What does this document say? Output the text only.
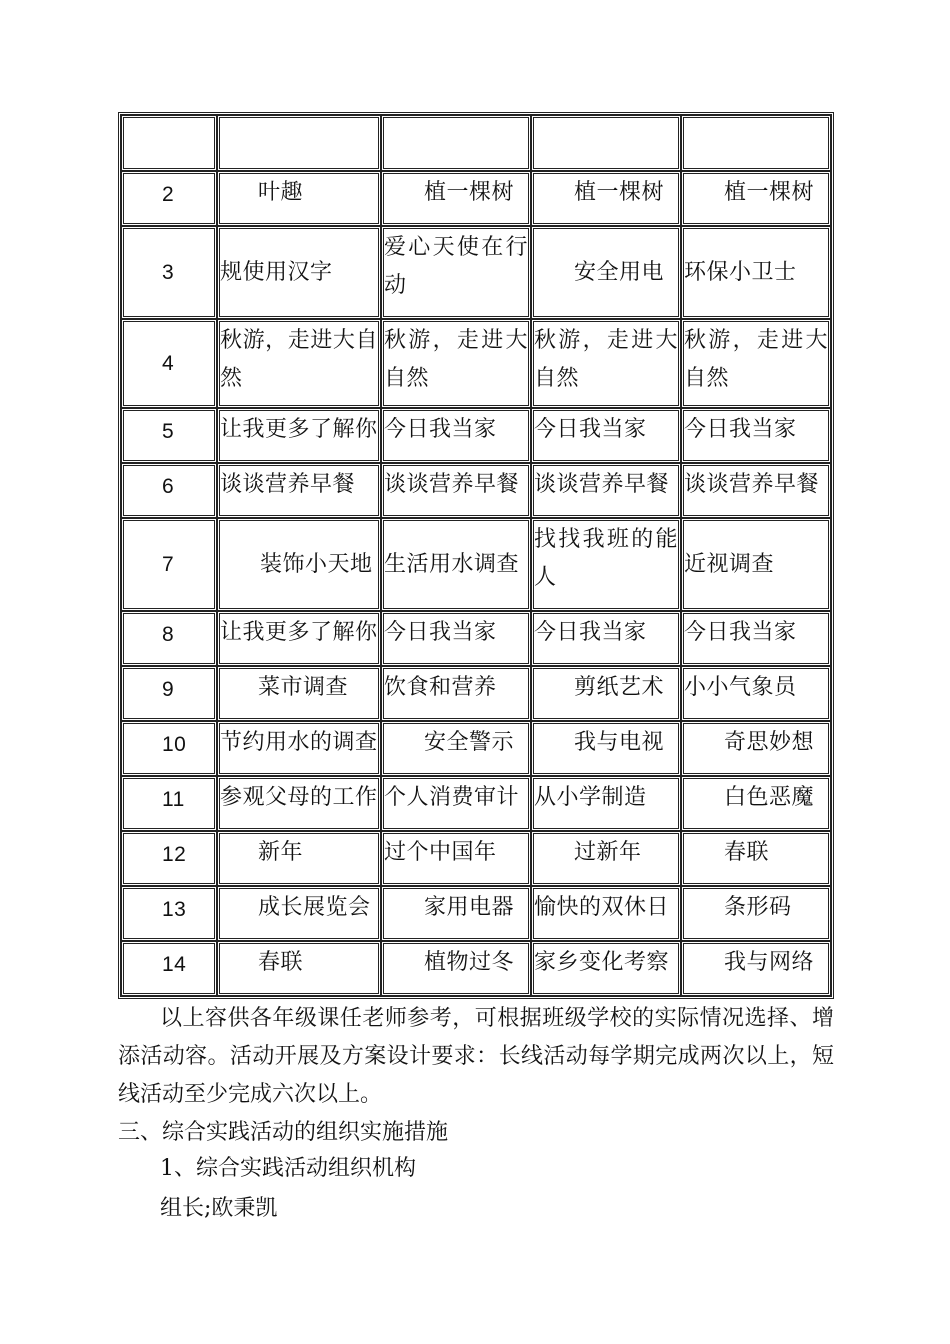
2	叶趣	植一棵树	植一棵树	植一棵树
3	规使用汉字	爱心天使在行动	安全用电	环保小卫士
4	秋游，走进大自然	秋游，走进大自然	秋游，走进大自然	秋游，走进大自然
5	让我更多了解你	今日我当家	今日我当家	今日我当家
6	谈谈营养早餐	谈谈营养早餐	谈谈营养早餐	谈谈营养早餐
7	装饰小天地	生活用水调查	找找我班的能人	近视调查
8	让我更多了解你	今日我当家	今日我当家	今日我当家
9	菜市调查	饮食和营养	剪纸艺术	小小气象员
10	节约用水的调查	安全警示	我与电视	奇思妙想
11	参观父母的工作	个人消费审计	从小学制造	白色恶魔
12	新年	过个中国年	过新年	春联
13	成长展览会	家用电器	愉快的双休日	条形码
14	春联	植物过冬	家乡变化考察	我与网络

以上容供各年级课任老师参考，可根据班级学校的实际情况选择、增添活动容。活动开展及方案设计要求：长线活动每学期完成两次以上，短线活动至少完成六次以上。

三、综合实践活动的组织实施措施

1、综合实践活动组织机构

组长;欧秉凯
